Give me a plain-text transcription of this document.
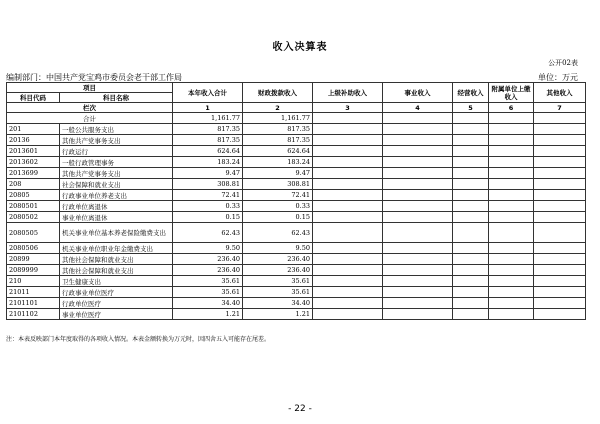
收入决算表
公开02表
编制部门：中国共产党宝鸡市委员会老干部工作局	单位：万元
项目		本年收入合计	财政拨款收入	上级补助收入	事业收入	经营收入	附属单位上缴收入	其他收入
科目代码	科目名称							
栏次		1	2	3	4	5	6	7
合计		1,161.77	1,161.77					
201	一般公共服务支出	817.35	817.35					
20136	其他共产党事务支出	817.35	817.35					
2013601	行政运行	624.64	624.64					
2013602	一般行政管理事务	183.24	183.24					
2013699	其他共产党事务支出	9.47	9.47					
208	社会保障和就业支出	308.81	308.81					
20805	行政事业单位养老支出	72.41	72.41					
2080501	行政单位离退休	0.33	0.33					
2080502	事业单位离退休	0.15	0.15					
2080505	机关事业单位基本养老保险缴费支出	62.43	62.43					
2080506	机关事业单位职业年金缴费支出	9.50	9.50					
20899	其他社会保障和就业支出	236.40	236.40					
2089999	其他社会保障和就业支出	236.40	236.40					
210	卫生健康支出	35.61	35.61					
21011	行政事业单位医疗	35.61	35.61					
2101101	行政单位医疗	34.40	34.40					
2101102	事业单位医疗	1.21	1.21					
注：本表反映部门本年度取得的各项收入情况。本表金额转换为万元时，因四舍五入可能存在尾差。
- 22 -
